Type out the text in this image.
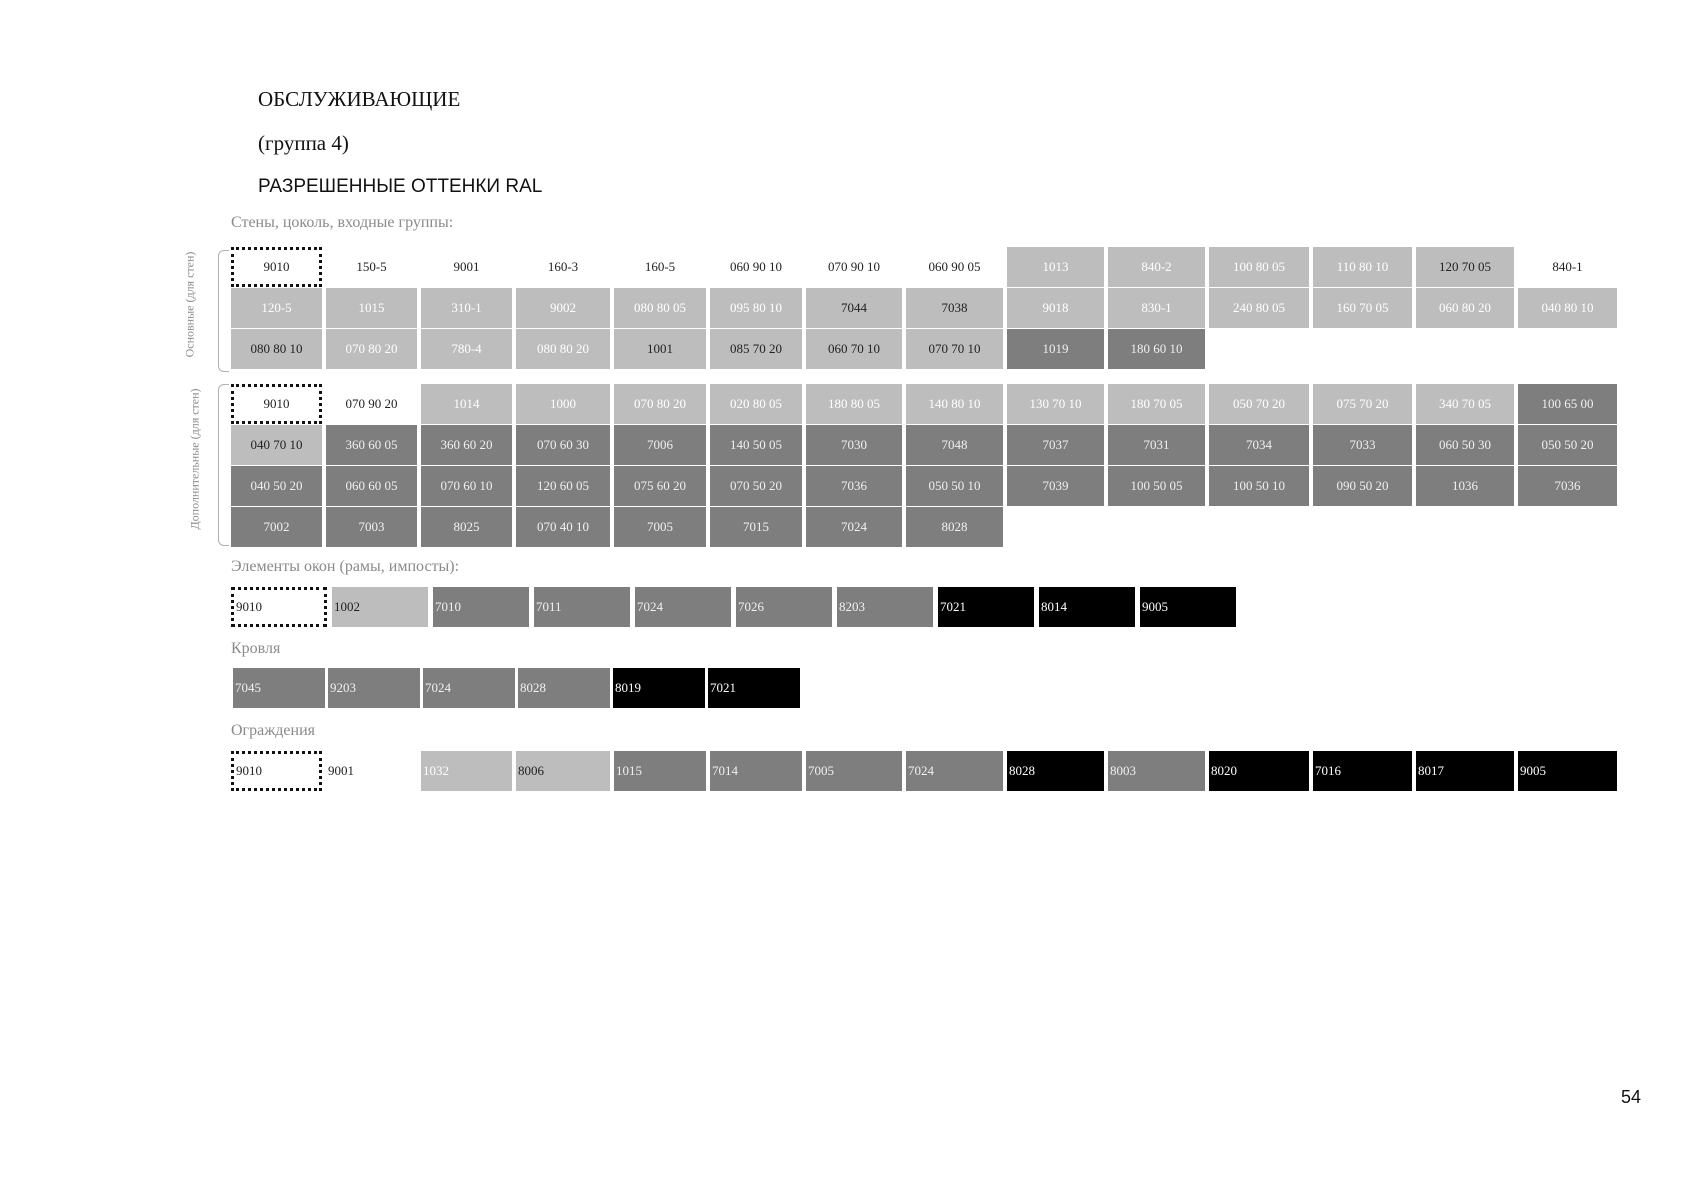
ОБСЛУЖИВАЮЩИЕ
(группа 4)
РАЗРЕШЕННЫЕ ОТТЕНКИ RAL
Стены, цоколь, входные группы:
Основные (для стен)	9010	150-5	9001	160-3	160-5	060 90 10	070 90 10	060 90 05	1013	840-2	100 80 05	110 80 10	120 70 05	840-1
120-5	1015	310-1	9002	080 80 05	095 80 10	7044	7038	9018	830-1	240 80 05	160 70 05	060 80 20	040 80 10
080 80 10	070 80 20	780-4	080 80 20	1001	085 70 20	060 70 10	070 70 10	1019	180 60 10
Дополнительные (для стен)	9010	070 90 20	1014	1000	070 80 20	020 80 05	180 80 05	140 80 10	130 70 10	180 70 05	050 70 20	075 70 20	340 70 05	100 65 00
040 70 10	360 60 05	360 60 20	070 60 30	7006	140 50 05	7030	7048	7037	7031	7034	7033	060 50 30	050 50 20
040 50 20	060 60 05	070 60 10	120 60 05	075 60 20	070 50 20	7036	050 50 10	7039	100 50 05	100 50 10	090 50 20	1036	7036
7002	7003	8025	070 40 10	7005	7015	7024	8028
Элементы окон (рамы, импосты):
9010	1002	7010	7011	7024	7026	8203	7021	8014	9005
Кровля
7045	9203	7024	8028	8019	7021
Ограждения
9010	9001	1032	8006	1015	7014	7005	7024	8028	8003	8020	7016	8017	9005
54
